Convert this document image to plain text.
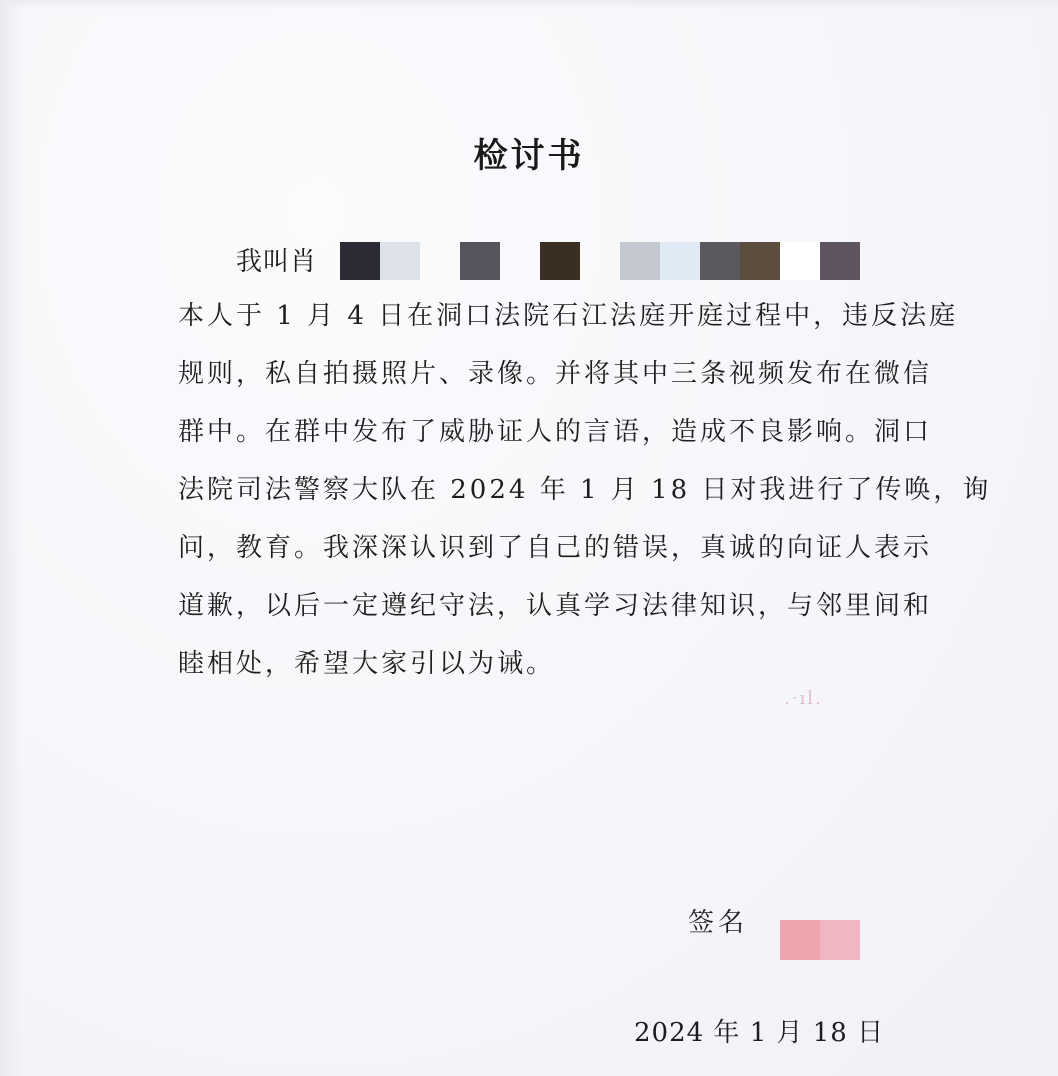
检讨书
我叫肖
本人于 1 月 4 日在洞口法院石江法庭开庭过程中，违反法庭
规则，私自拍摄照片、录像。并将其中三条视频发布在微信
群中。在群中发布了威胁证人的言语，造成不良影响。洞口
法院司法警察大队在 2024 年 1 月 18 日对我进行了传唤，询
问，教育。我深深认识到了自己的错误，真诚的向证人表示
道歉，以后一定遵纪守法，认真学习法律知识，与邻里间和
睦相处，希望大家引以为诫。
.·ıl.
签名
2024 年 1 月 18 日
